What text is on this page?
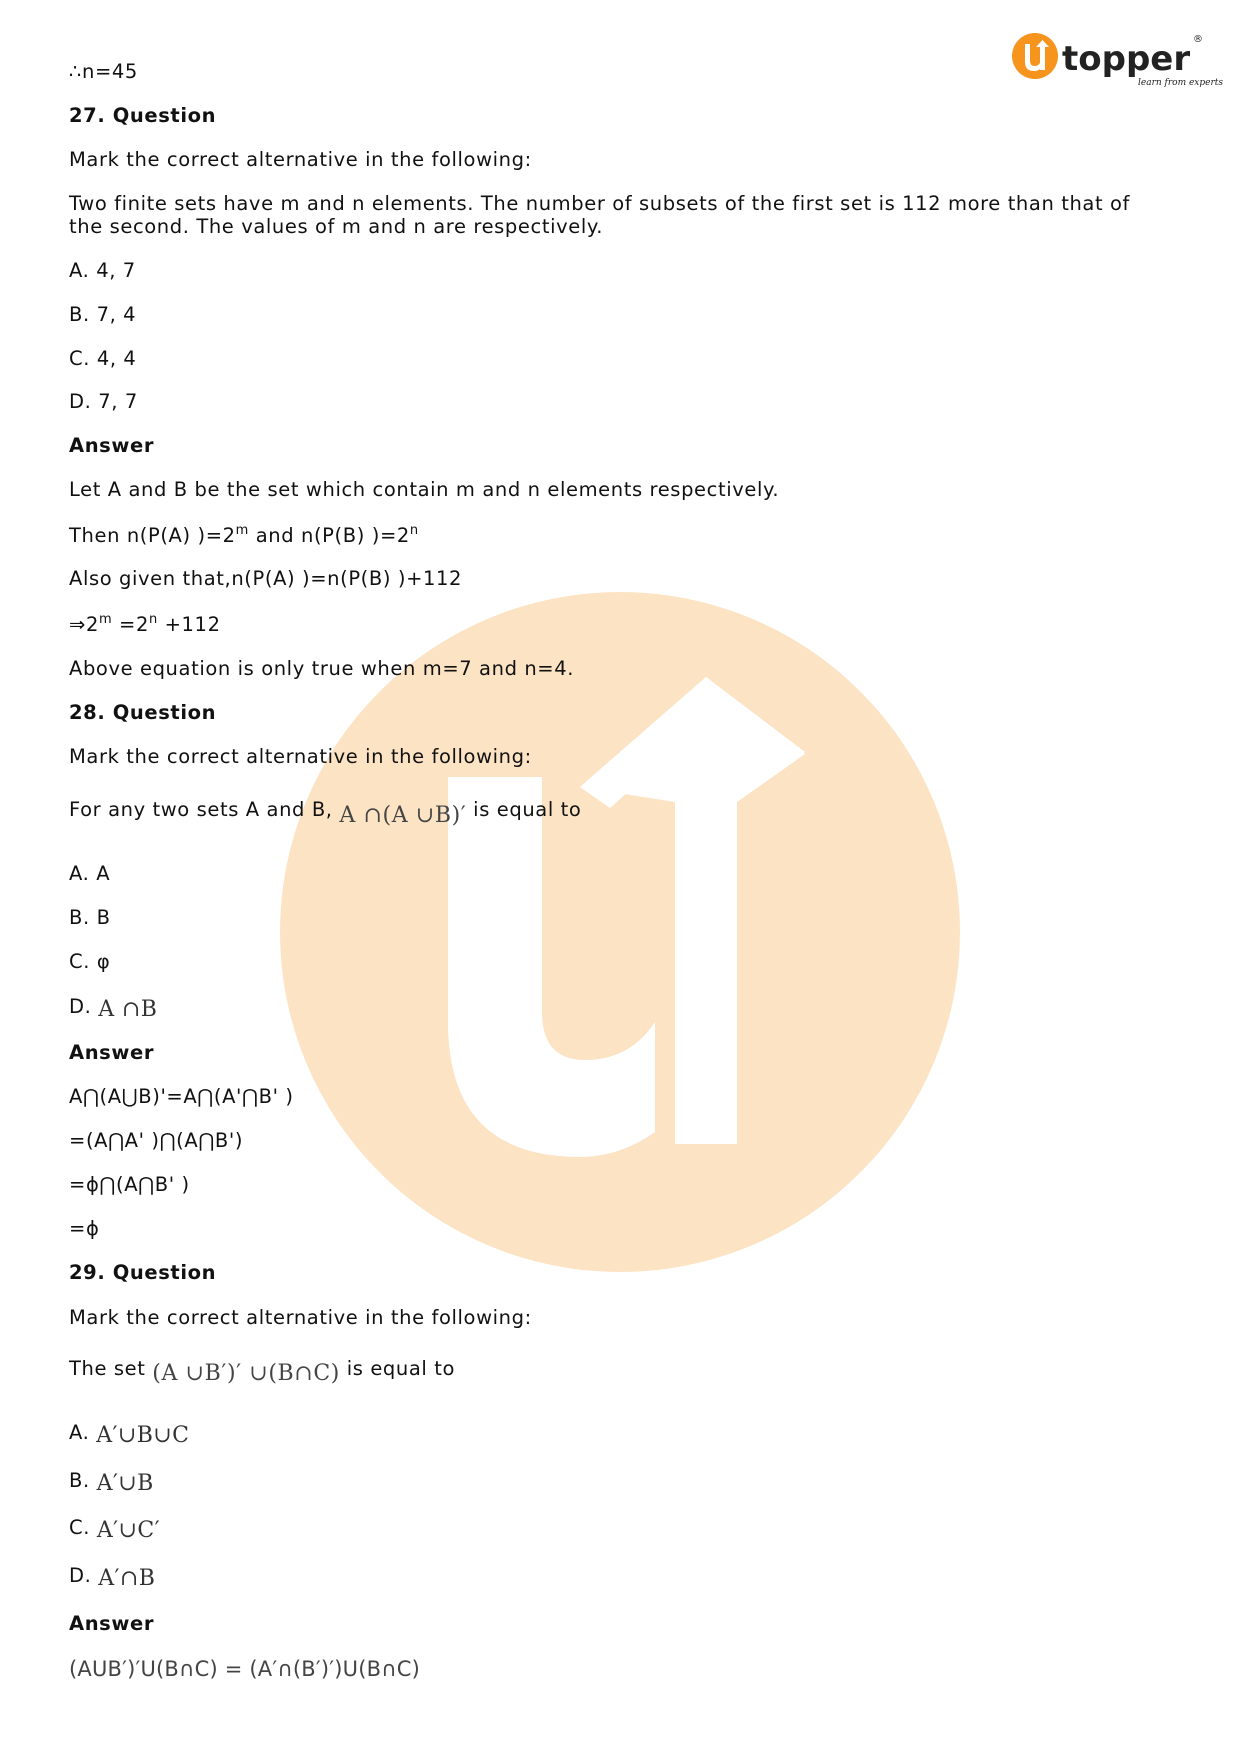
topper ®
learn from experts
∴n=45
27. Question
Mark the correct alternative in the following:
Two finite sets have m and n elements. The number of subsets of the first set is 112 more than that of the second. The values of m and n are respectively.
A. 4, 7
B. 7, 4
C. 4, 4
D. 7, 7
Answer
Let A and B be the set which contain m and n elements respectively.
Then n(P(A) )$=2^m$ and n(P(B) )$=2^n$
Also given that,n(P(A) )=n(P(B) )+112
$\Rightarrow 2^m =2^n +112$
Above equation is only true when m=7 and n=4.
28. Question
Mark the correct alternative in the following:
For any two sets A and B, A ∩(A ∪B)′ is equal to
A. A
B. B
C. φ
D. A ∩B
Answer
A⋂(A⋃B)'=A⋂(A'⋂B' )
=(A⋂A' )⋂(A⋂B')
=ϕ⋂(A⋂B' )
=ϕ
29. Question
Mark the correct alternative in the following:
The set (A ∪B′)′ ∪(B∩C) is equal to
A. A′∪B∪C
B. A′∪B
C. A′∪C′
D. A′∩B
Answer
(AUB′)′U(B∩C) = (A′∩(B′)′)U(B∩C)
